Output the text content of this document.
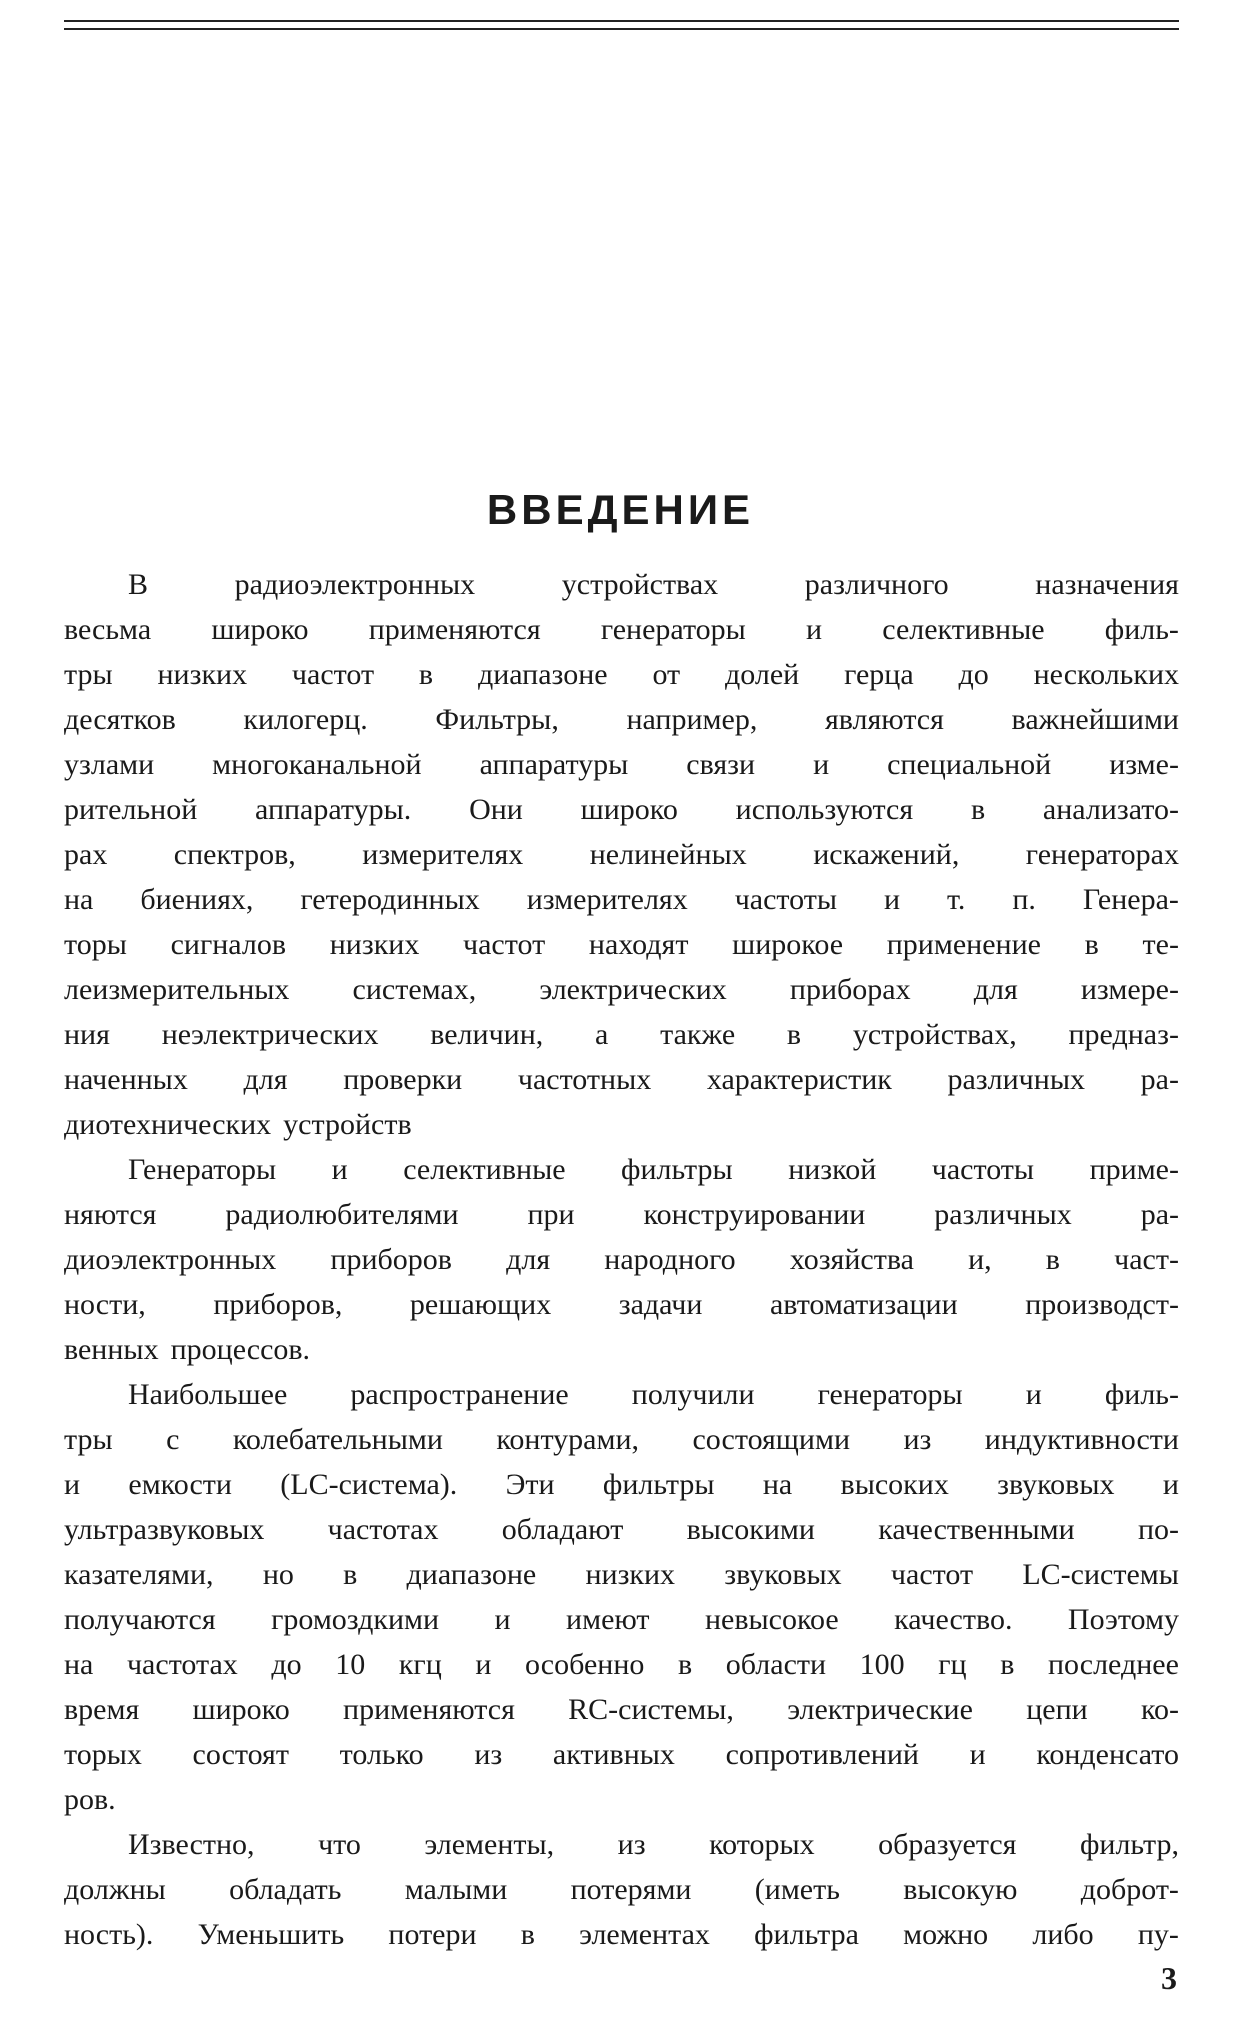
ВВЕДЕНИЕ
В	радиоэлектронных	устройствах	различного	назначения
весьма широко применяются генераторы и селективные филь-
тры низких частот в диапазоне от долей герца до нескольких
десятков килогерц. Фильтры, например, являются важнейшими
узлами многоканальной аппаратуры связи и специальной изме-
рительной аппаратуры. Они широко используются в анализато-
рах спектров, измерителях нелинейных искажений, генераторах
на биениях, гетеродинных измерителях частоты и т. п. Генера-
торы сигналов низких частот находят широкое применение в те-
леизмерительных системах, электрических приборах для измере-
ния неэлектрических величин, а также в устройствах, предназ-
наченных для проверки частотных характеристик различных ра-
диотехнических устройств
Генераторы и селективные фильтры низкой частоты приме-
няются радиолюбителями при конструировании различных ра-
диоэлектронных приборов для народного хозяйства и, в част-
ности, приборов, решающих задачи автоматизации производст-
венных процессов.
Наибольшее распространение получили генераторы и филь-
тры с колебательными контурами, состоящими из индуктивности
и емкости (LC-система). Эти фильтры на высоких звуковых и
ультразвуковых частотах обладают высокими качественными по-
казателями, но в диапазоне низких звуковых частот LC-системы
получаются громоздкими и имеют невысокое качество. Поэтому
на частотах до 10 кгц и особенно в области 100 гц в последнее
время широко применяются RC-системы, электрические цепи ко-
торых состоят только из активных сопротивлений и конденсато
ров.
Известно, что элементы, из которых образуется фильтр,
должны обладать малыми потерями (иметь высокую доброт-
ность). Уменьшить потери в элементах фильтра можно либо пу-
3
